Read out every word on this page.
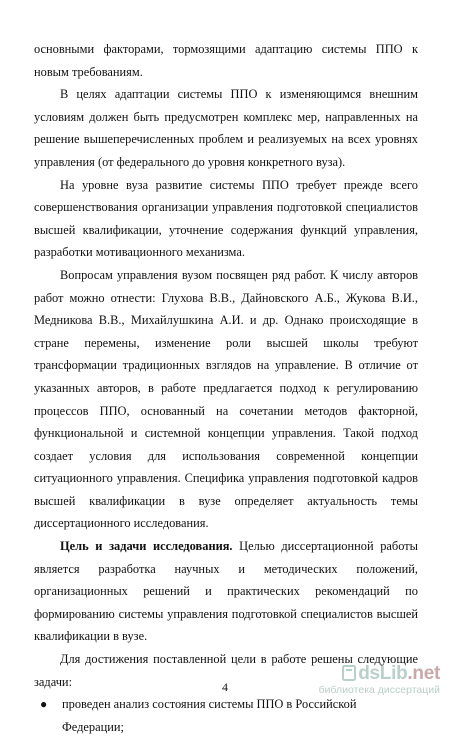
основными факторами, тормозящими адаптацию системы ППО к новым требованиям.

В целях адаптации системы ППО к изменяющимся внешним условиям должен быть предусмотрен комплекс мер, направленных на решение вышеперечисленных проблем и реализуемых на всех уровнях управления (от федерального до уровня конкретного вуза).

На уровне вуза развитие системы ППО требует прежде всего совершенствования организации управления подготовкой специалистов высшей квалификации, уточнение содержания функций управления, разработки мотивационного механизма.

Вопросам управления вузом посвящен ряд работ. К числу авторов работ можно отнести: Глухова В.В., Дайновского А.Б., Жукова В.И., Медникова В.В., Михайлушкина А.И. и др. Однако происходящие в стране перемены, изменение роли высшей школы требуют трансформации традиционных взглядов на управление. В отличие от указанных авторов, в работе предлагается подход к регулированию процессов ППО, основанный на сочетании методов факторной, функциональной и системной концепции управления. Такой подход создает условия для использования современной концепции ситуационного управления. Специфика управления подготовкой кадров высшей квалификации в вузе определяет актуальность темы диссертационного исследования.

Цель и задачи исследования. Целью диссертационной работы является разработка научных и методических положений, организационных решений и практических рекомендаций по формированию системы управления подготовкой специалистов высшей квалификации в вузе.

Для достижения поставленной цели в работе решены следующие задачи:

●	проведен анализ состояния системы ППО в Российской Федерации;
4
dsLib.net
библиотека диссертаций
